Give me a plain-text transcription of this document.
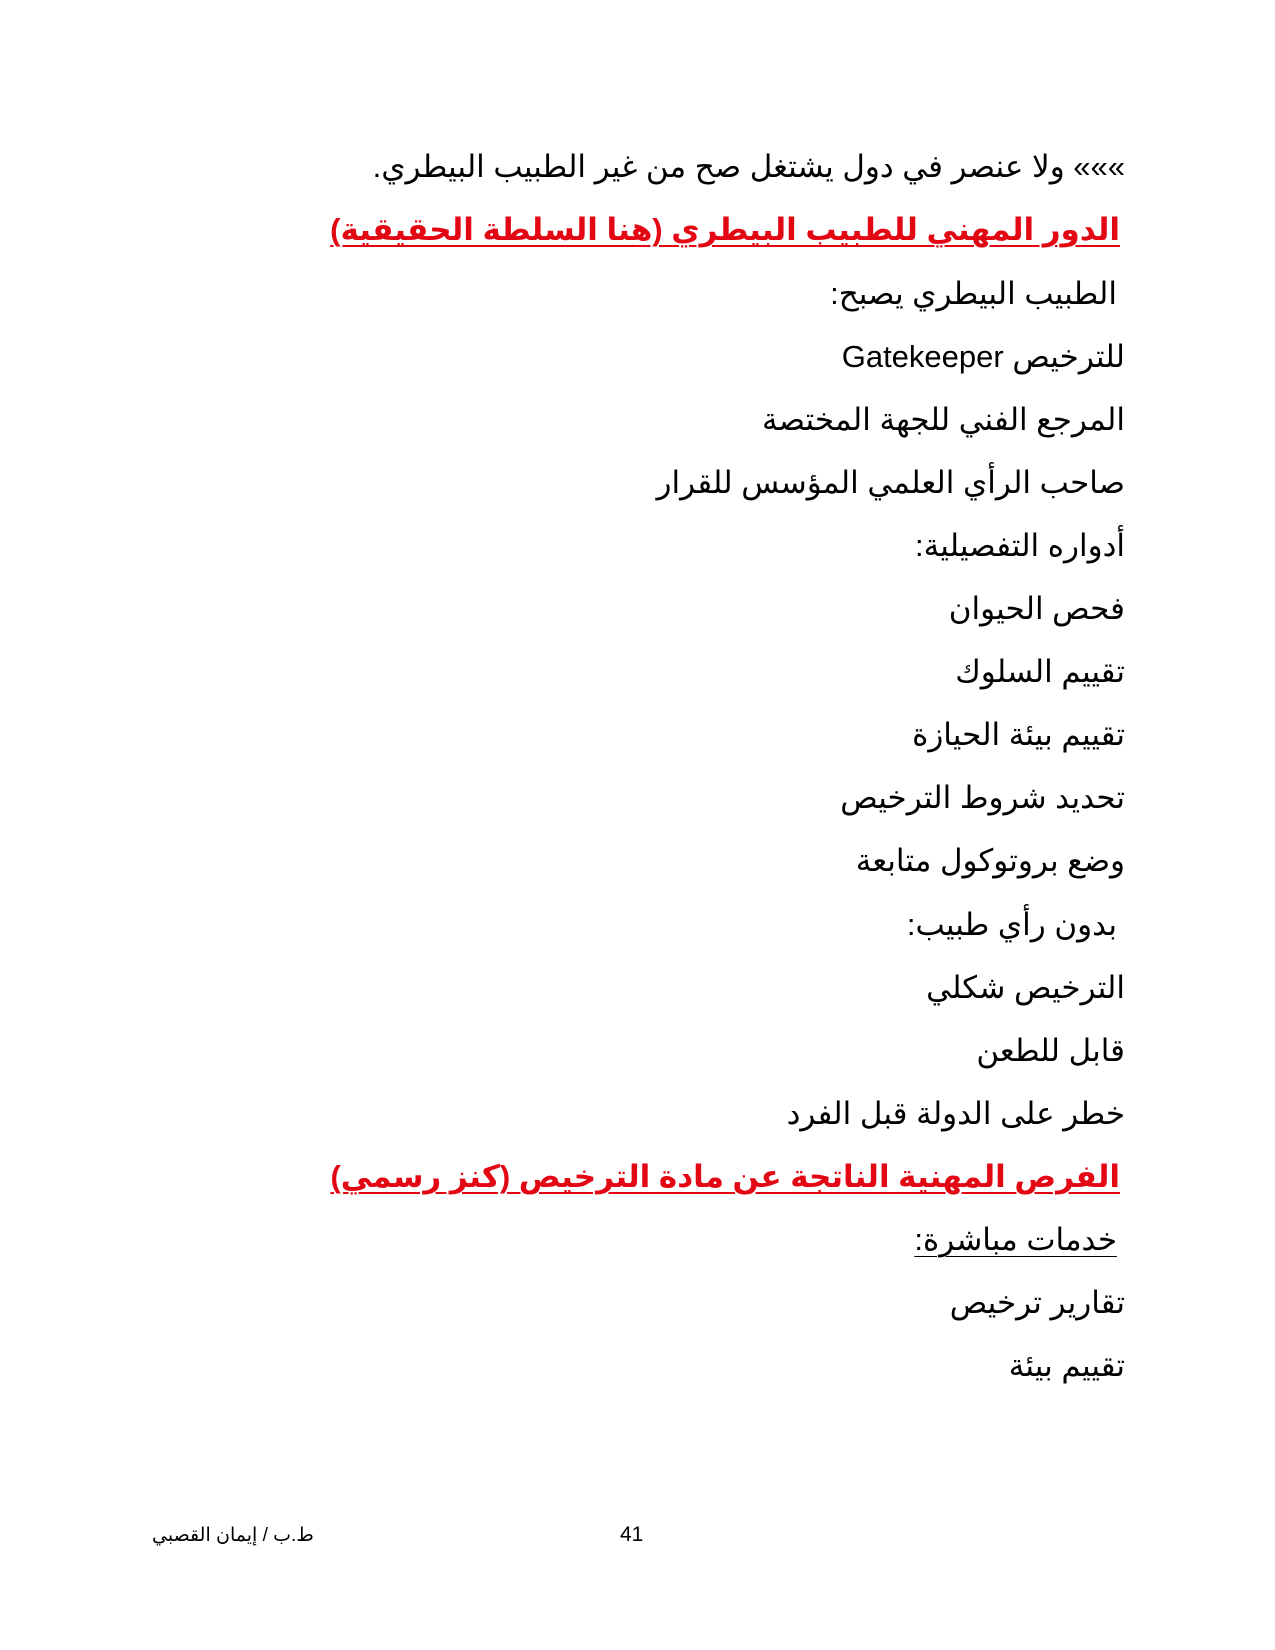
»»» ولا عنصر في دول يشتغل صح من غير الطبيب البيطري.
الدور المهني للطبيب البيطري (هنا السلطة الحقيقية)
الطبيب البيطري يصبح:
Gatekeeper للترخيص
المرجع الفني للجهة المختصة
صاحب الرأي العلمي المؤسس للقرار
أدواره التفصيلية:
فحص الحيوان
تقييم السلوك
تقييم بيئة الحيازة
تحديد شروط الترخيص
وضع بروتوكول متابعة
بدون رأي طبيب:
الترخيص شكلي
قابل للطعن
خطر على الدولة قبل الفرد
الفرص المهنية الناتجة عن مادة الترخيص (كنز رسمي)
خدمات مباشرة:
تقارير ترخيص
تقييم بيئة
ط.ب / إيمان القصبي	41
